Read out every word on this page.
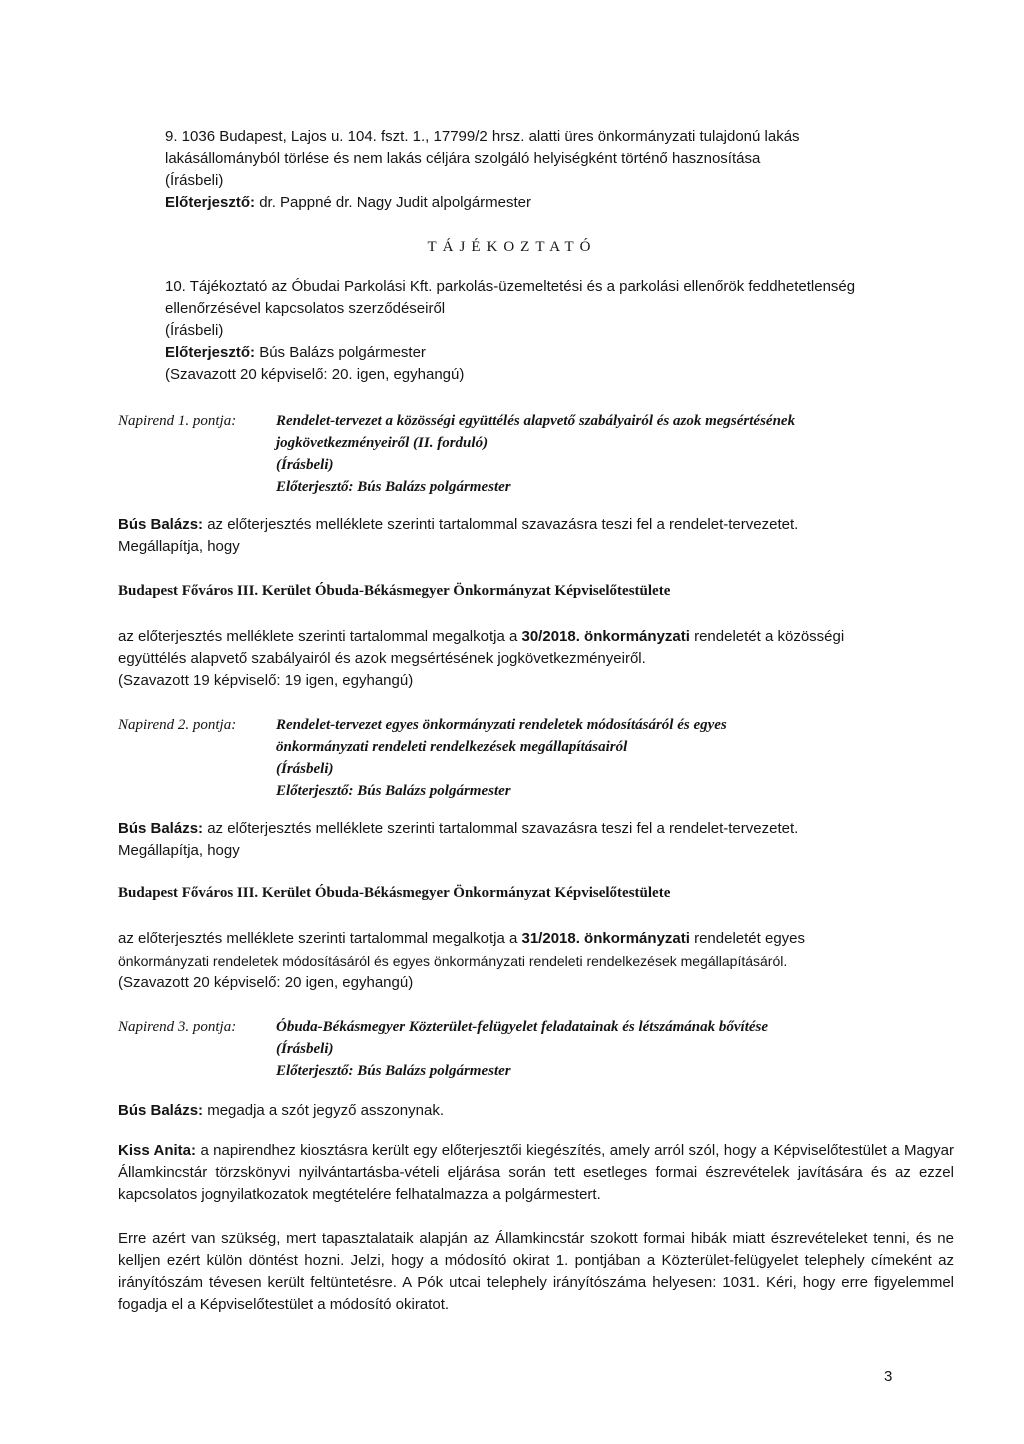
9. 1036 Budapest, Lajos u. 104. fszt. 1., 17799/2 hrsz. alatti üres önkormányzati tulajdonú lakás
lakásállományból törlése és nem lakás céljára szolgáló helyiségként történő hasznosítása
(Írásbeli)
Előterjesztő: dr. Pappné dr. Nagy Judit alpolgármester
TÁJÉKOZTATÓ
10. Tájékoztató az Óbudai Parkolási Kft. parkolás-üzemeltetési és a parkolási ellenőrök feddhetetlenség
ellenőrzésével kapcsolatos szerződéseiről
(Írásbeli)
Előterjesztő: Bús Balázs polgármester
(Szavazott 20 képviselő: 20. igen, egyhangú)
Napirend 1. pontja:	Rendelet-tervezet a közösségi együttélés alapvető szabályairól és azok megsértésének
jogkövetkezményeiről (II. forduló)
(Írásbeli)
Előterjesztő: Bús Balázs polgármester
Bús Balázs: az előterjesztés melléklete szerinti tartalommal szavazásra teszi fel a rendelet-tervezetet.
Megállapítja, hogy
Budapest Főváros III. Kerület Óbuda-Békásmegyer Önkormányzat Képviselőtestülete
az előterjesztés melléklete szerinti tartalommal megalkotja a 30/2018. önkormányzati rendeletét a közösségi
együttélés alapvető szabályairól és azok megsértésének jogkövetkezményeiről.
(Szavazott 19 képviselő: 19 igen, egyhangú)
Napirend 2. pontja:	Rendelet-tervezet egyes önkormányzati rendeletek módosításáról és egyes
önkormányzati rendeleti rendelkezések megállapításairól
(Írásbeli)
Előterjesztő: Bús Balázs polgármester
Bús Balázs: az előterjesztés melléklete szerinti tartalommal szavazásra teszi fel a rendelet-tervezetet.
Megállapítja, hogy
Budapest Főváros III. Kerület Óbuda-Békásmegyer Önkormányzat Képviselőtestülete
az előterjesztés melléklete szerinti tartalommal megalkotja a 31/2018. önkormányzati rendeletét egyes
önkormányzati rendeletek módosításáról és egyes önkormányzati rendeleti rendelkezések megállapításáról.
(Szavazott 20 képviselő: 20 igen, egyhangú)
Napirend 3. pontja:	Óbuda-Békásmegyer Közterület-felügyelet feladatainak és létszámának bővítése
(Írásbeli)
Előterjesztő: Bús Balázs polgármester
Bús Balázs: megadja a szót jegyző asszonynak.
Kiss Anita: a napirendhez kiosztásra került egy előterjesztői kiegészítés, amely arról szól, hogy a Képviselőtestület a Magyar Államkincstár törzskönyvi nyilvántartásba-vételi eljárása során tett esetleges formai észrevételek javítására és az ezzel kapcsolatos jognyilatkozatok megtételére felhatalmazza a polgármestert.
Erre azért van szükség, mert tapasztalataik alapján az Államkincstár szokott formai hibák miatt észrevételeket tenni, és ne kelljen ezért külön döntést hozni. Jelzi, hogy a módosító okirat 1. pontjában a Közterület-felügyelet telephely címeként az irányítószám tévesen került feltüntetésre. A Pók utcai telephely irányítószáma helyesen: 1031. Kéri, hogy erre figyelemmel fogadja el a Képviselőtestület a módosító okiratot.
3
